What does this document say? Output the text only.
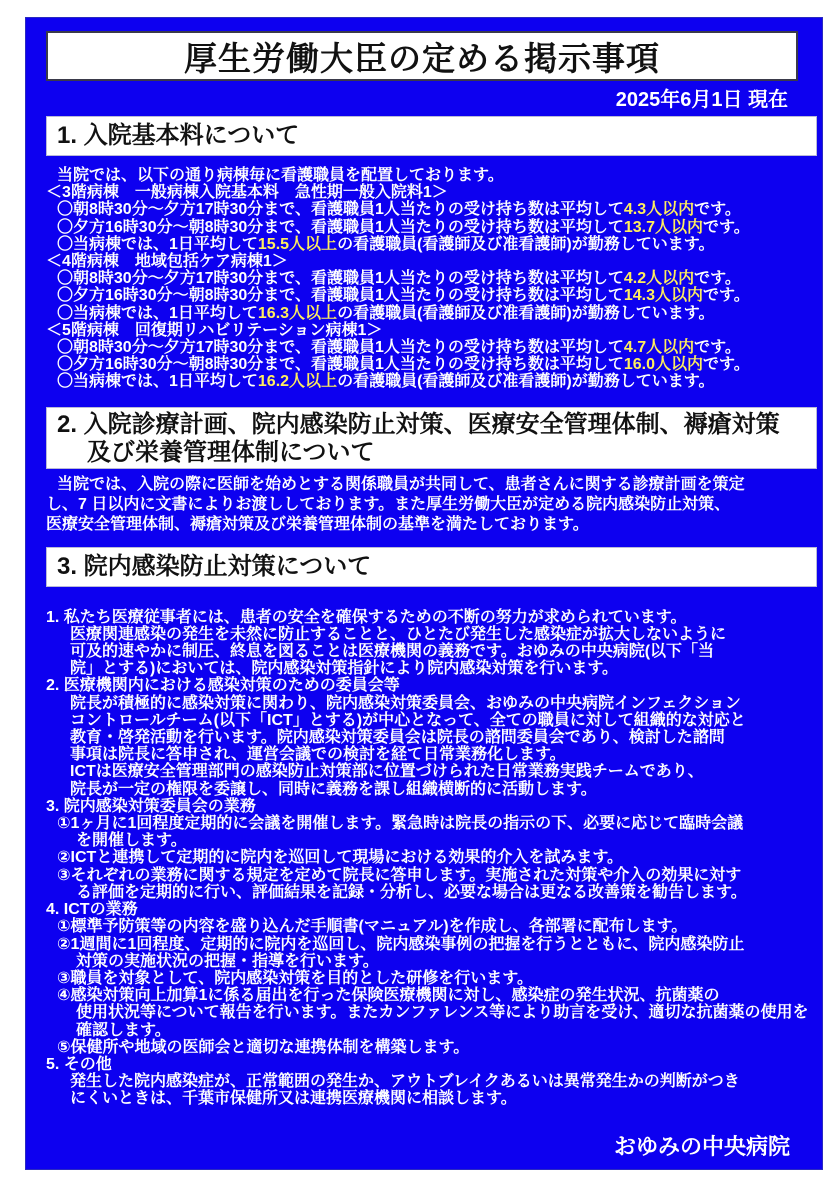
厚生労働大臣の定める掲示事項
2025年6月1日 現在
1. 入院基本料について
当院では、以下の通り病棟毎に看護職員を配置しております。
＜3階病棟　一般病棟入院基本料　急性期一般入院料1＞
〇朝8時30分～夕方17時30分まで、看護職員1人当たりの受け持ち数は平均して4.3人以内です。
〇夕方16時30分～朝8時30分まで、看護職員1人当たりの受け持ち数は平均して13.7人以内です。
〇当病棟では、1日平均して15.5人以上の看護職員(看護師及び准看護師)が勤務しています。
＜4階病棟　地域包括ケア病棟1＞
〇朝8時30分～夕方17時30分まで、看護職員1人当たりの受け持ち数は平均して4.2人以内です。
〇夕方16時30分～朝8時30分まで、看護職員1人当たりの受け持ち数は平均して14.3人以内です。
〇当病棟では、1日平均して16.3人以上の看護職員(看護師及び准看護師)が勤務しています。
＜5階病棟　回復期リハビリテーション病棟1＞
〇朝8時30分～夕方17時30分まで、看護職員1人当たりの受け持ち数は平均して4.7人以内です。
〇夕方16時30分～朝8時30分まで、看護職員1人当たりの受け持ち数は平均して16.0人以内です。
〇当病棟では、1日平均して16.2人以上の看護職員(看護師及び准看護師)が勤務しています。
2. 入院診療計画、院内感染防止対策、医療安全管理体制、褥瘡対策
及び栄養管理体制について
当院では、入院の際に医師を始めとする関係職員が共同して、患者さんに関する診療計画を策定
し、7 日以内に文書によりお渡ししております。また厚生労働大臣が定める院内感染防止対策、
医療安全管理体制、褥瘡対策及び栄養管理体制の基準を満たしております。
3. 院内感染防止対策について
1. 私たち医療従事者には、患者の安全を確保するための不断の努力が求められています。
医療関連感染の発生を未然に防止することと、ひとたび発生した感染症が拡大しないように
可及的速やかに制圧、終息を図ることは医療機関の義務です。おゆみの中央病院(以下「当
院」とする)においては、院内感染対策指針により院内感染対策を行います。
2. 医療機関内における感染対策のための委員会等
院長が積極的に感染対策に関わり、院内感染対策委員会、おゆみの中央病院インフェクション
コントロールチーム(以下「ICT」とする)が中心となって、全ての職員に対して組織的な対応と
教育・啓発活動を行います。院内感染対策委員会は院長の諮問委員会であり、検討した諮問
事項は院長に答申され、運営会議での検討を経て日常業務化します。
ICTは医療安全管理部門の感染防止対策部に位置づけられた日常業務実践チームであり、
院長が一定の権限を委譲し、同時に義務を課し組織横断的に活動します。
3. 院内感染対策委員会の業務
①1ヶ月に1回程度定期的に会議を開催します。緊急時は院長の指示の下、必要に応じて臨時会議
を開催します。
②ICTと連携して定期的に院内を巡回して現場における効果的介入を試みます。
③それぞれの業務に関する規定を定めて院長に答申します。実施された対策や介入の効果に対す
る評価を定期的に行い、評価結果を記録・分析し、必要な場合は更なる改善策を勧告します。
4. ICTの業務
①標準予防策等の内容を盛り込んだ手順書(マニュアル)を作成し、各部署に配布します。
②1週間に1回程度、定期的に院内を巡回し、院内感染事例の把握を行うとともに、院内感染防止
対策の実施状況の把握・指導を行います。
③職員を対象として、院内感染対策を目的とした研修を行います。
④感染対策向上加算1に係る届出を行った保険医療機関に対し、感染症の発生状況、抗菌薬の
使用状況等について報告を行います。またカンファレンス等により助言を受け、適切な抗菌薬の使用を
確認します。
⑤保健所や地域の医師会と適切な連携体制を構築します。
5. その他
発生した院内感染症が、正常範囲の発生か、アウトブレイクあるいは異常発生かの判断がつき
にくいときは、千葉市保健所又は連携医療機関に相談します。
おゆみの中央病院
